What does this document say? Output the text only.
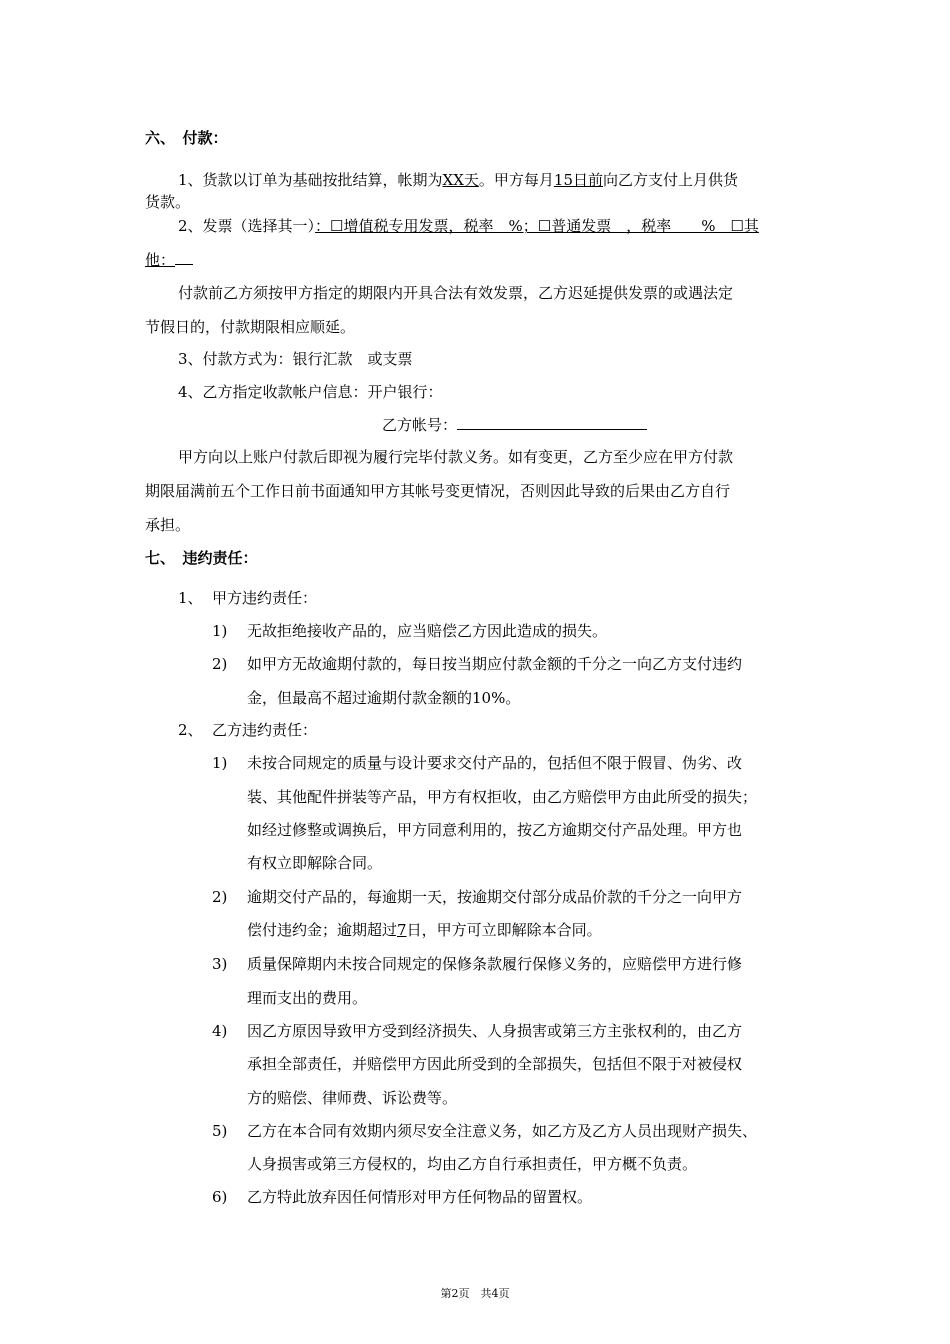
六、　付款：
1、货款以订单为基础按批结算，帐期为XX天。甲方每月15日前向乙方支付上月供货
货款。
2、发票（选择其一）：☐增值税专用发票，税率　%；☐普通发票　，税率　　%　☐其
他：
付款前乙方须按甲方指定的期限内开具合法有效发票，乙方迟延提供发票的或遇法定
节假日的，付款期限相应顺延。
3、付款方式为：银行汇款　或支票
4、乙方指定收款帐户信息：开户银行：
乙方帐号：
甲方向以上账户付款后即视为履行完毕付款义务。如有变更，乙方至少应在甲方付款
期限届满前五个工作日前书面通知甲方其帐号变更情况，否则因此导致的后果由乙方自行
承担。
七、　违约责任：
1、 甲方违约责任：
1) 无故拒绝接收产品的，应当赔偿乙方因此造成的损失。
2) 如甲方无故逾期付款的，每日按当期应付款金额的千分之一向乙方支付违约
金，但最高不超过逾期付款金额的10%。
2、 乙方违约责任：
1) 未按合同规定的质量与设计要求交付产品的，包括但不限于假冒、伪劣、改
装、其他配件拼装等产品，甲方有权拒收，由乙方赔偿甲方由此所受的损失；
如经过修整或调换后，甲方同意利用的，按乙方逾期交付产品处理。甲方也
有权立即解除合同。
2) 逾期交付产品的，每逾期一天，按逾期交付部分成品价款的千分之一向甲方
偿付违约金；逾期超过7日，甲方可立即解除本合同。
3) 质量保障期内未按合同规定的保修条款履行保修义务的，应赔偿甲方进行修
理而支出的费用。
4) 因乙方原因导致甲方受到经济损失、人身损害或第三方主张权利的，由乙方
承担全部责任，并赔偿甲方因此所受到的全部损失，包括但不限于对被侵权
方的赔偿、律师费、诉讼费等。
5) 乙方在本合同有效期内须尽安全注意义务，如乙方及乙方人员出现财产损失、
人身损害或第三方侵权的，均由乙方自行承担责任，甲方概不负责。
6) 乙方特此放弃因任何情形对甲方任何物品的留置权。
第2页　共4页
